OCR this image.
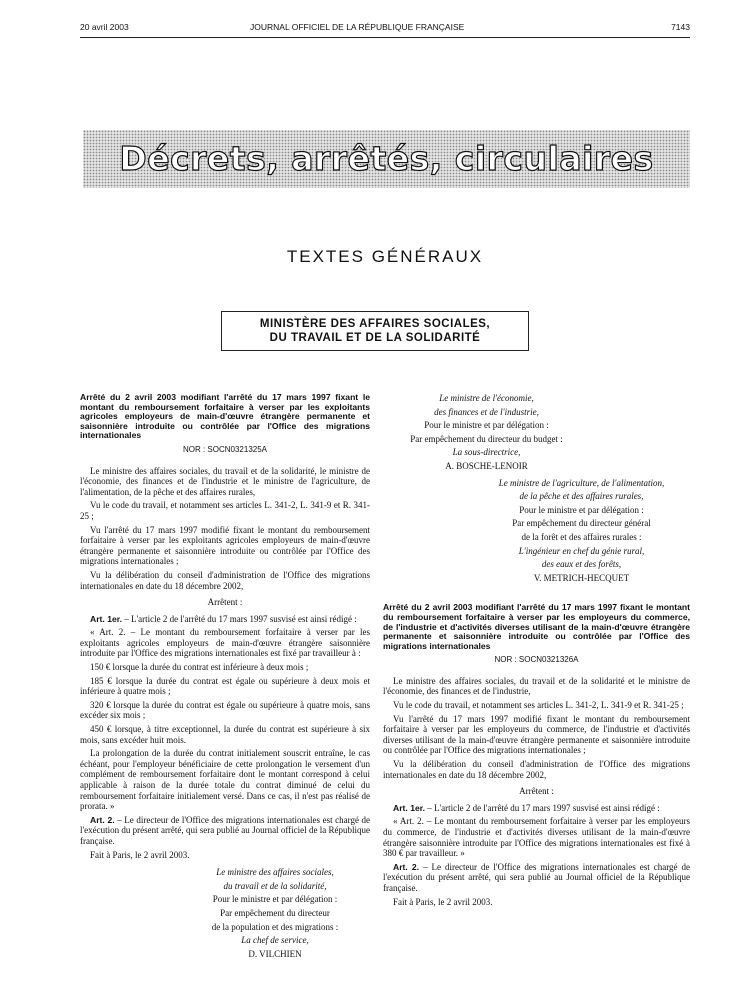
20 avril 2003	JOURNAL OFFICIEL DE LA RÉPUBLIQUE FRANÇAISE	7143
Décrets, arrêtés, circulaires
TEXTES GÉNÉRAUX
MINISTÈRE DES AFFAIRES SOCIALES,
DU TRAVAIL ET DE LA SOLIDARITÉ
Arrêté du 2 avril 2003 modifiant l'arrêté du 17 mars 1997 fixant le montant du remboursement forfaitaire à verser par les exploitants agricoles employeurs de main-d'œuvre étrangère permanente et saisonnière introduite ou contrôlée par l'Office des migrations internationales
NOR : SOCN0321325A

Le ministre des affaires sociales, du travail et de la solidarité, le ministre de l'économie, des finances et de l'industrie et le ministre de l'agriculture, de l'alimentation, de la pêche et des affaires rurales,

Vu le code du travail, et notamment ses articles L. 341-2, L. 341-9 et R. 341-25 ;

Vu l'arrêté du 17 mars 1997 modifié fixant le montant du remboursement forfaitaire à verser par les exploitants agricoles employeurs de main-d'œuvre étrangère permanente et saisonnière introduite ou contrôlée par l'Office des migrations internationales ;

Vu la délibération du conseil d'administration de l'Office des migrations internationales en date du 18 décembre 2002,

Arrêtent :

Art. 1er. – L'article 2 de l'arrêté du 17 mars 1997 susvisé est ainsi rédigé :

« Art. 2. – Le montant du remboursement forfaitaire à verser par les exploitants agricoles employeurs de main-d'œuvre étrangère saisonnière introduite par l'Office des migrations internationales est fixé par travailleur à :

150 € lorsque la durée du contrat est inférieure à deux mois ;

185 € lorsque la durée du contrat est égale ou supérieure à deux mois et inférieure à quatre mois ;

320 € lorsque la durée du contrat est égale ou supérieure à quatre mois, sans excéder six mois ;

450 € lorsque, à titre exceptionnel, la durée du contrat est supérieure à six mois, sans excéder huit mois.

La prolongation de la durée du contrat initialement souscrit entraîne, le cas échéant, pour l'employeur bénéficiaire de cette prolongation le versement d'un complément de remboursement forfaitaire dont le montant correspond à celui applicable à raison de la durée totale du contrat diminué de celui du remboursement forfaitaire initialement versé. Dans ce cas, il n'est pas réalisé de prorata. »

Art. 2. – Le directeur de l'Office des migrations internationales est chargé de l'exécution du présent arrêté, qui sera publié au Journal officiel de la République française.

Fait à Paris, le 2 avril 2003.

Le ministre des affaires sociales,

du travail et de la solidarité,

Pour le ministre et par délégation :

Par empêchement du directeur

de la population et des migrations :

La chef de service,

D. VILCHIEN

Le ministre de l'économie,

des finances et de l'industrie,

Pour le ministre et par délégation :

Par empêchement du directeur du budget :

La sous-directrice,

A. BOSCHE-LENOIR

Le ministre de l'agriculture, de l'alimentation,

de la pêche et des affaires rurales,

Pour le ministre et par délégation :

Par empêchement du directeur général

de la forêt et des affaires rurales :

L'ingénieur en chef du génie rural,

des eaux et des forêts,

V. METRICH-HECQUET

Arrêté du 2 avril 2003 modifiant l'arrêté du 17 mars 1997 fixant le montant du remboursement forfaitaire à verser par les employeurs du commerce, de l'industrie et d'activités diverses utilisant de la main-d'œuvre étrangère permanente et saisonnière introduite ou contrôlée par l'Office des migrations internationales
NOR : SOCN0321326A

Le ministre des affaires sociales, du travail et de la solidarité et le ministre de l'économie, des finances et de l'industrie,

Vu le code du travail, et notamment ses articles L. 341-2, L. 341-9 et R. 341-25 ;

Vu l'arrêté du 17 mars 1997 modifié fixant le montant du remboursement forfaitaire à verser par les employeurs du commerce, de l'industrie et d'activités diverses utilisant de la main-d'œuvre étrangère permanente et saisonnière introduite ou contrôlée par l'Office des migrations internationales ;

Vu la délibération du conseil d'administration de l'Office des migrations internationales en date du 18 décembre 2002,

Arrêtent :

Art. 1er. – L'article 2 de l'arrêté du 17 mars 1997 susvisé est ainsi rédigé :

« Art. 2. – Le montant du remboursement forfaitaire à verser par les employeurs du commerce, de l'industrie et d'activités diverses utilisant de la main-d'œuvre étrangère saisonnière introduite par l'Office des migrations internationales est fixé à 380 € par travailleur. »

Art. 2. – Le directeur de l'Office des migrations internationales est chargé de l'exécution du présent arrêté, qui sera publié au Journal officiel de la République française.

Fait à Paris, le 2 avril 2003.
